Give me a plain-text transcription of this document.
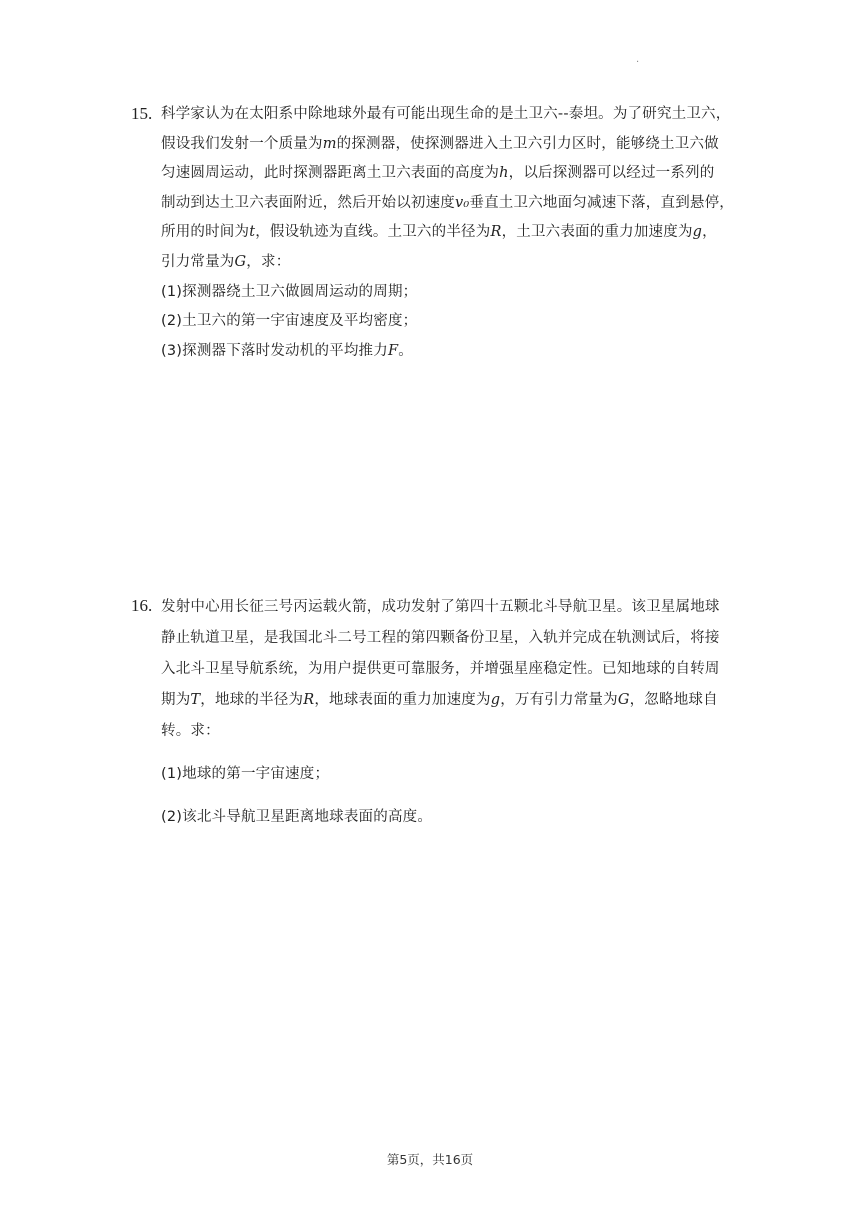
.
15. 科学家认为在太阳系中除地球外最有可能出现生命的是土卫六--泰坦。为了研究土卫六，
假设我们发射一个质量为m的探测器，使探测器进入土卫六引力区时，能够绕土卫六做
匀速圆周运动，此时探测器距离土卫六表面的高度为h，以后探测器可以经过一系列的
制动到达土卫六表面附近，然后开始以初速度v₀垂直土卫六地面匀减速下落，直到悬停，
所用的时间为t，假设轨迹为直线。土卫六的半径为R，土卫六表面的重力加速度为g，
引力常量为G，求：
(1)探测器绕土卫六做圆周运动的周期；
(2)土卫六的第一宇宙速度及平均密度；
(3)探测器下落时发动机的平均推力F。
16. 发射中心用长征三号丙运载火箭，成功发射了第四十五颗北斗导航卫星。该卫星属地球
静止轨道卫星，是我国北斗二号工程的第四颗备份卫星，入轨并完成在轨测试后，将接
入北斗卫星导航系统，为用户提供更可靠服务，并增强星座稳定性。已知地球的自转周
期为T，地球的半径为R，地球表面的重力加速度为g，万有引力常量为G，忽略地球自
转。求：
(1)地球的第一宇宙速度；
(2)该北斗导航卫星距离地球表面的高度。
第5页，共16页
